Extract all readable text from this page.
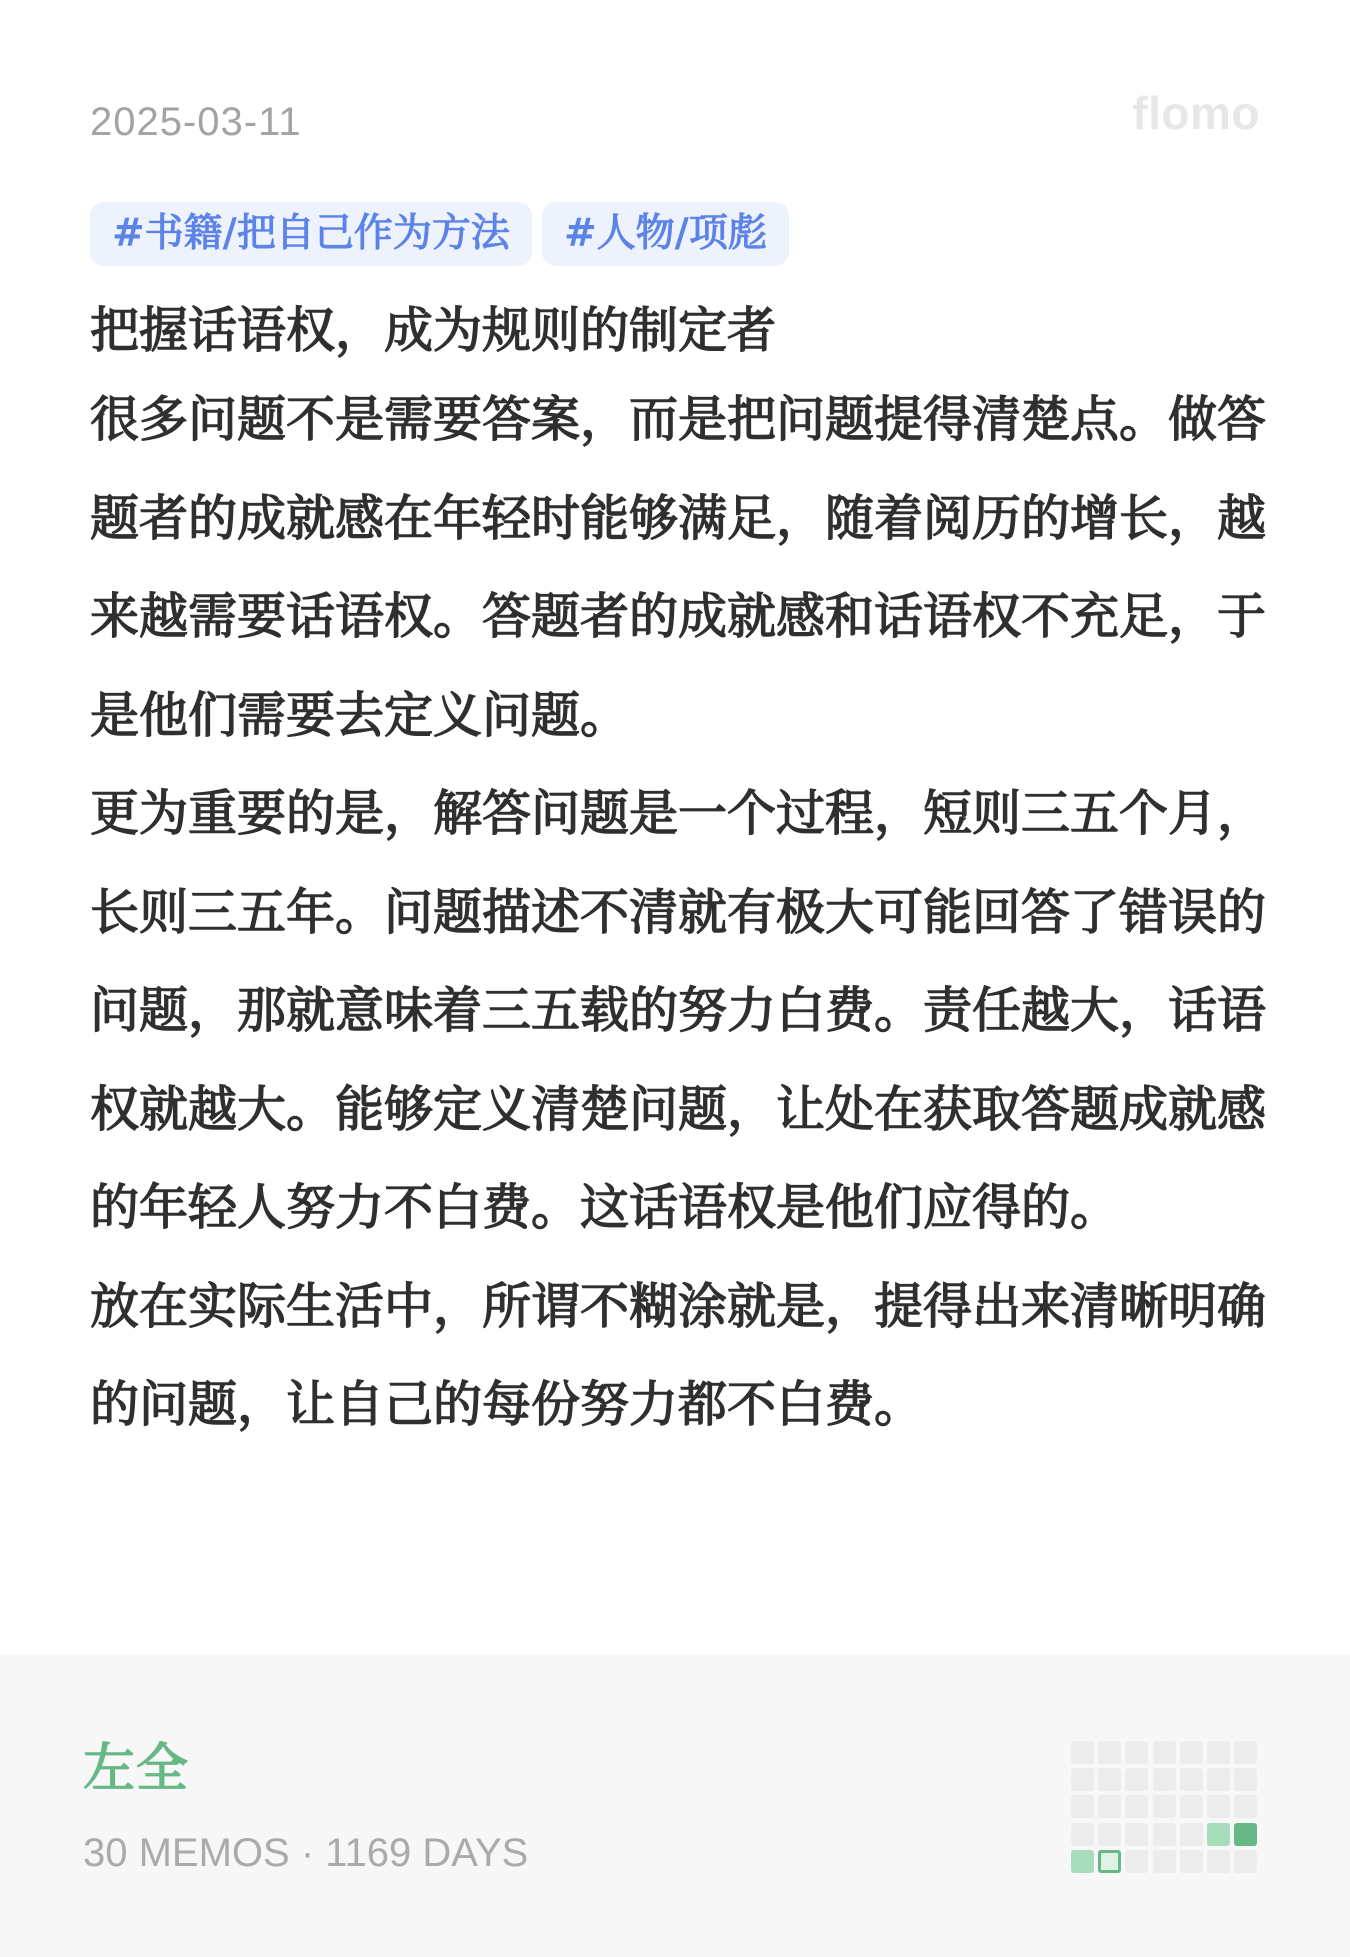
2025-03-11	flomo
#书籍/把自己作为方法	#人物/项彪
把握话语权，成为规则的制定者
很多问题不是需要答案，而是把问题提得清楚点。做答题者的成就感在年轻时能够满足，随着阅历的增长，越来越需要话语权。答题者的成就感和话语权不充足，于是他们需要去定义问题。
更为重要的是，解答问题是一个过程，短则三五个月，长则三五年。问题描述不清就有极大可能回答了错误的问题，那就意味着三五载的努力白费。责任越大，话语权就越大。能够定义清楚问题，让处在获取答题成就感的年轻人努力不白费。这话语权是他们应得的。
放在实际生活中，所谓不糊涂就是，提得出来清晰明确的问题，让自己的每份努力都不白费。
左全
30 MEMOS · 1169 DAYS
